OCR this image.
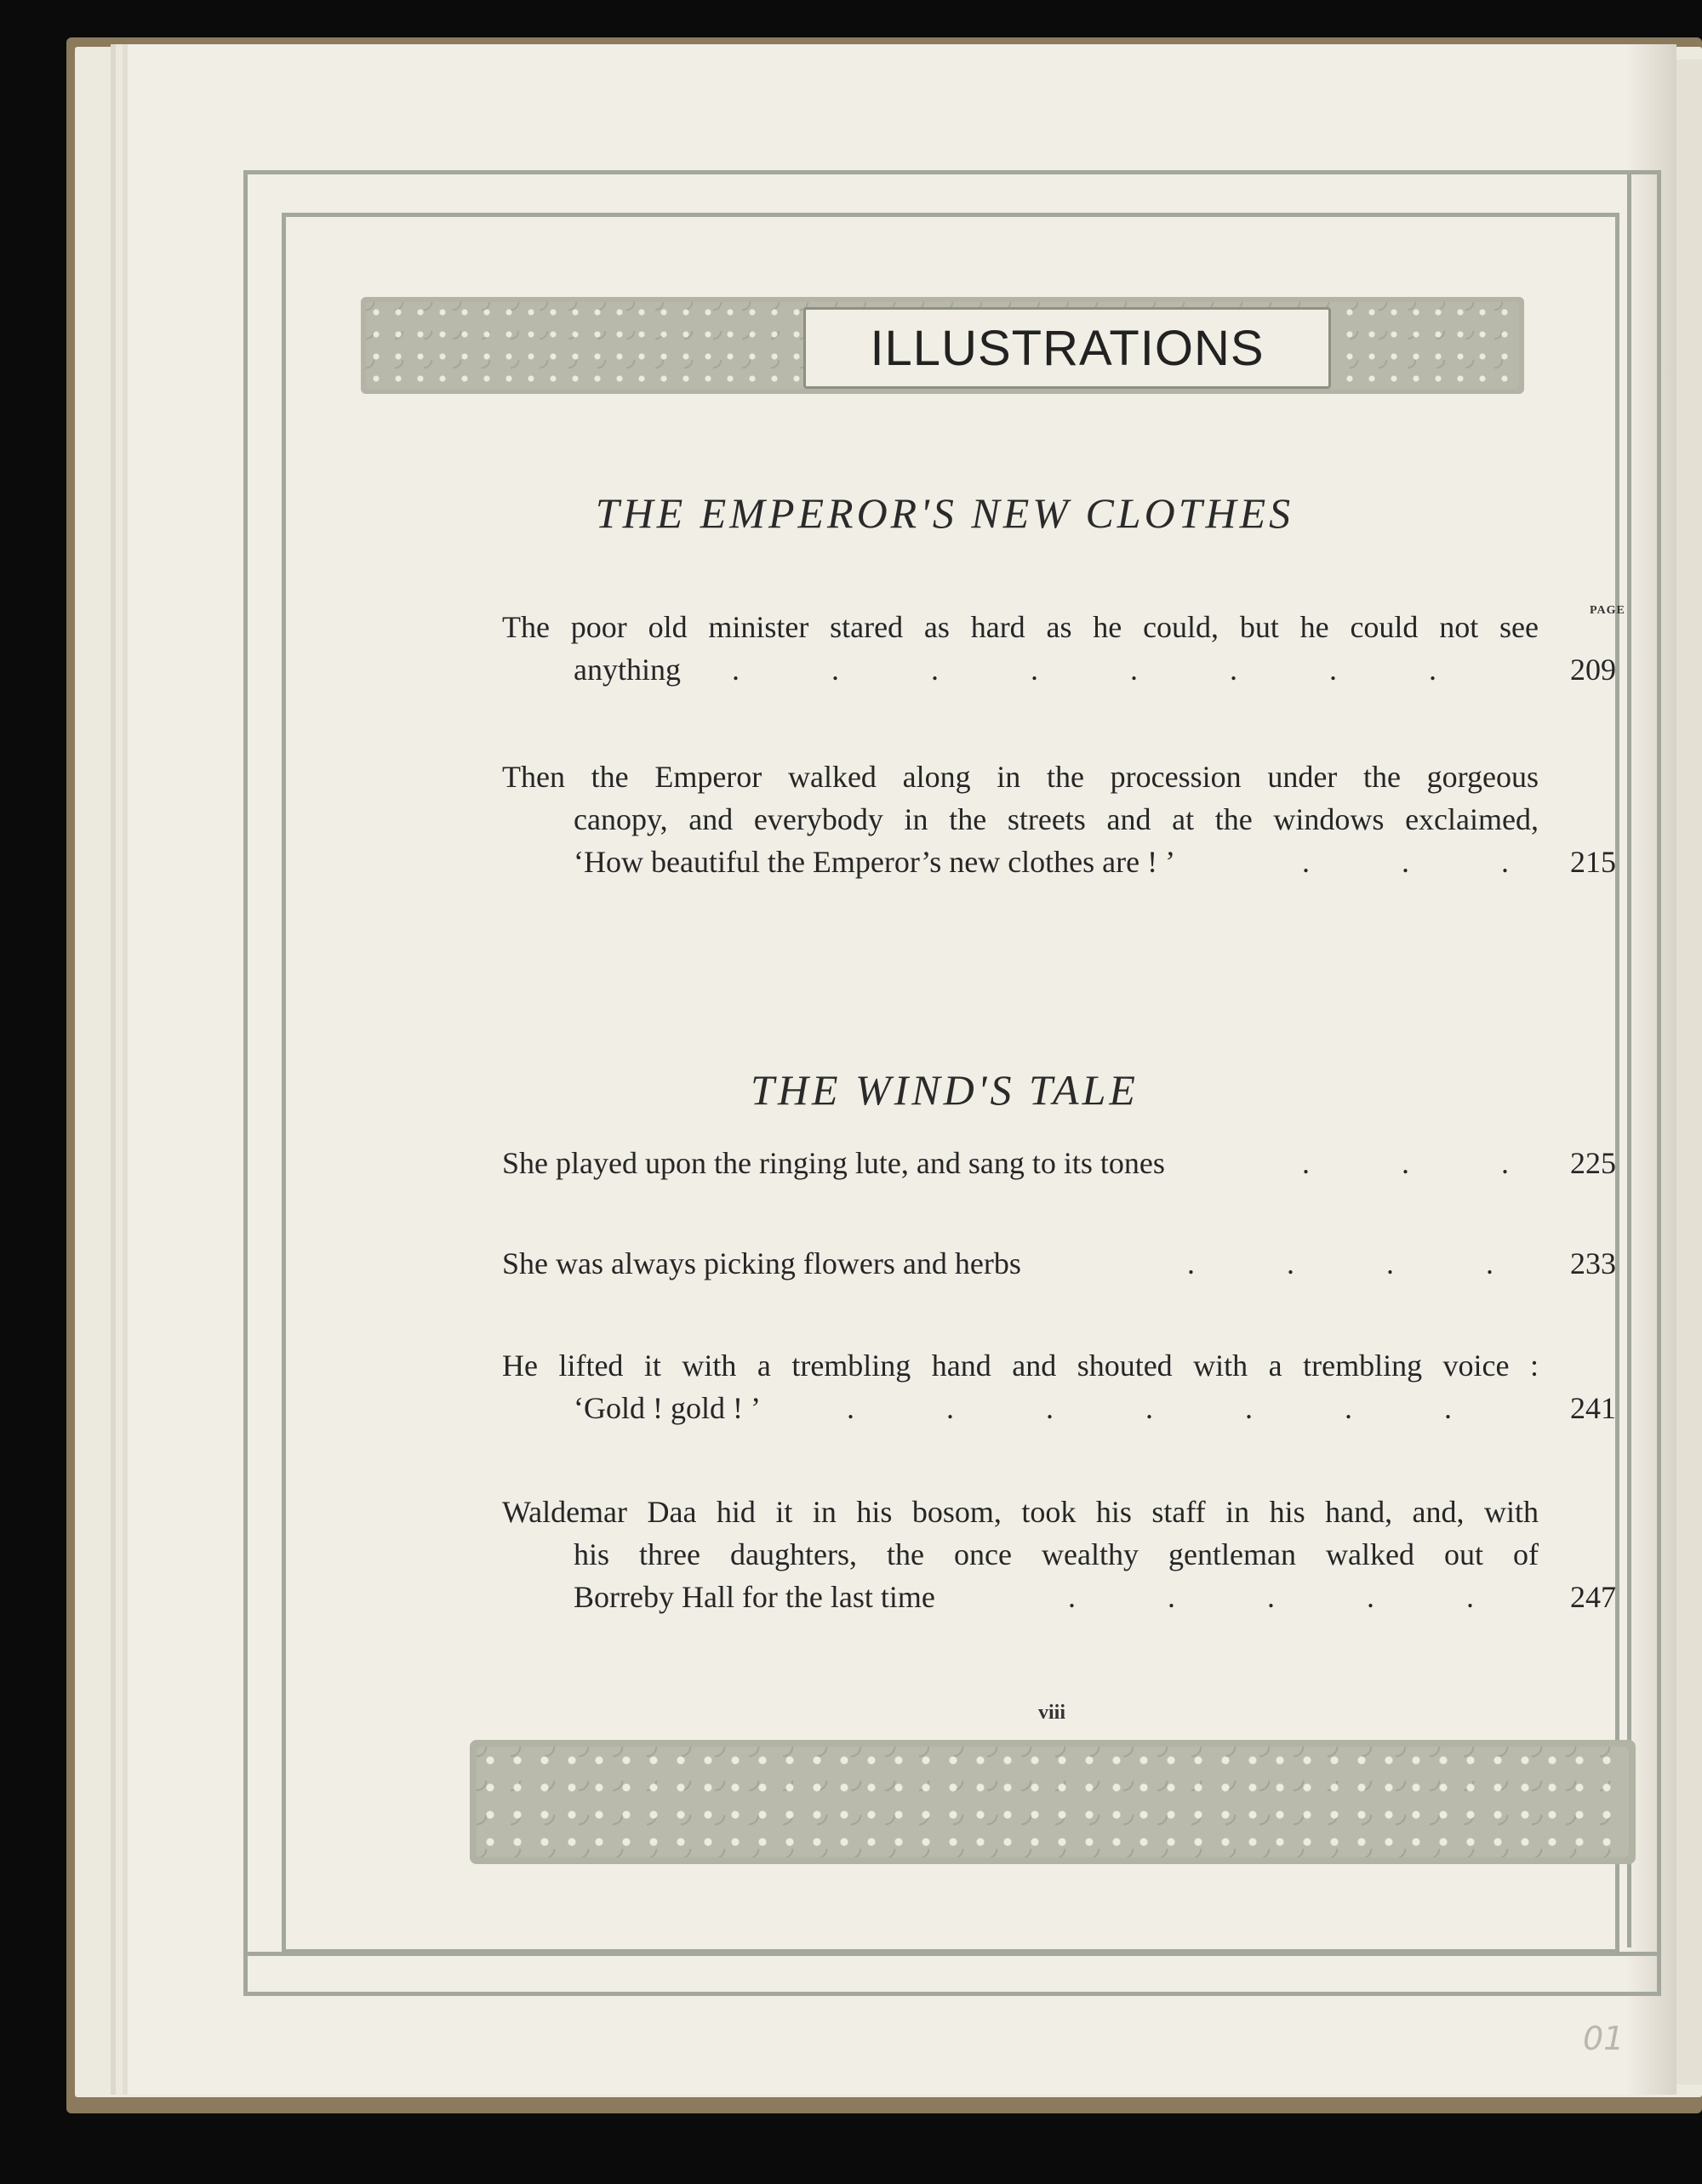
ILLUSTRATIONS
THE EMPEROR'S NEW CLOTHES
PAGE
The poor old minister stared as hard as he could, but he could not see
anything .            .            .            .            .            .            .            .	209
Then the Emperor walked along in the procession under the gorgeous
canopy, and everybody in the streets and at the windows exclaimed,
‘How beautiful the Emperor’s new clothes are ! ’	.            .            . 215
THE WIND'S TALE
She played upon the ringing lute, and sang to its tones	.            .            . 225
She was always picking flowers and herbs	.            .            .            .	233
He lifted it with a trembling hand and shouted with a trembling voice :
‘Gold ! gold ! ’	.            .            .            .            .            .            .	241
Waldemar Daa hid it in his bosom, took his staff in his hand, and, with
his three daughters, the once wealthy gentleman walked out of
Borreby Hall for the last time	.            .            .            .            .	247
viii
01
